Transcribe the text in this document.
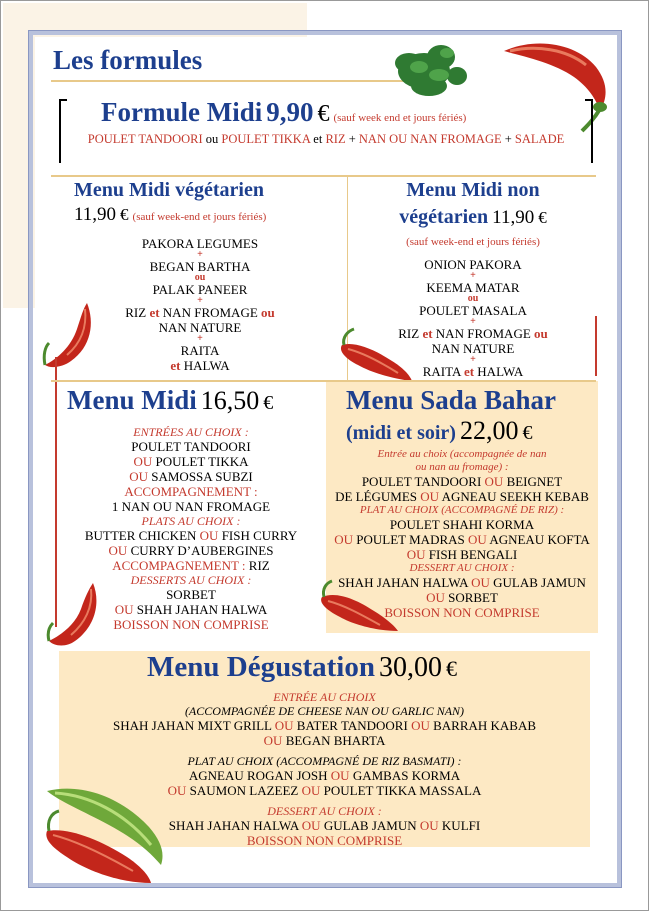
Les formules
Formule Midi 9,90 € (sauf week end et jours fériés)
POULET TANDOORI ou POULET TIKKA et RIZ + NAN OU NAN FROMAGE + SALADE
Menu Midi végétarien
11,90 € (sauf week-end et jours fériés)
PAKORA LEGUMES
+
BEGAN BARTHA
ou
PALAK PANEER
+
RIZ et NAN FROMAGE ou
NAN NATURE
+
RAITA
et HALWA
Menu Midi non
végétarien 11,90 €
(sauf week-end et jours fériés)
ONION PAKORA
+
KEEMA MATAR
ou
POULET MASALA
+
RIZ et NAN FROMAGE ou
NAN NATURE
+
RAITA et HALWA
Menu Midi 16,50 €
ENTRÉES AU CHOIX :
POULET TANDOORI
OU POULET TIKKA
OU SAMOSSA SUBZI
ACCOMPAGNEMENT :
1 NAN OU NAN FROMAGE
PLATS AU CHOIX :
BUTTER CHICKEN OU FISH CURRY
OU CURRY D’AUBERGINES
ACCOMPAGNEMENT : RIZ
DESSERTS AU CHOIX :
SORBET
OU SHAH JAHAN HALWA
BOISSON NON COMPRISE
Menu Sada Bahar
(midi et soir) 22,00 €
Entrée au choix (accompagnée de nan
ou nan au fromage) :
POULET TANDOORI OU BEIGNET
DE LÉGUMES OU AGNEAU SEEKH KEBAB
PLAT AU CHOIX (ACCOMPAGNÉ DE RIZ) :
POULET SHAHI KORMA
OU POULET MADRAS OU AGNEAU KOFTA
OU FISH BENGALI
DESSERT AU CHOIX :
SHAH JAHAN HALWA OU GULAB JAMUN
OU SORBET
BOISSON NON COMPRISE
Menu Dégustation 30,00 €
ENTRÉE AU CHOIX
(ACCOMPAGNÉE DE CHEESE NAN OU GARLIC NAN)
SHAH JAHAN MIXT GRILL OU BATER TANDOORI OU BARRAH KABAB
OU BEGAN BHARTA
PLAT AU CHOIX (ACCOMPAGNÉ DE RIZ BASMATI) :
AGNEAU ROGAN JOSH OU GAMBAS KORMA
OU SAUMON LAZEEZ OU POULET TIKKA MASSALA
DESSERT AU CHOIX :
SHAH JAHAN HALWA OU GULAB JAMUN OU KULFI
BOISSON NON COMPRISE
